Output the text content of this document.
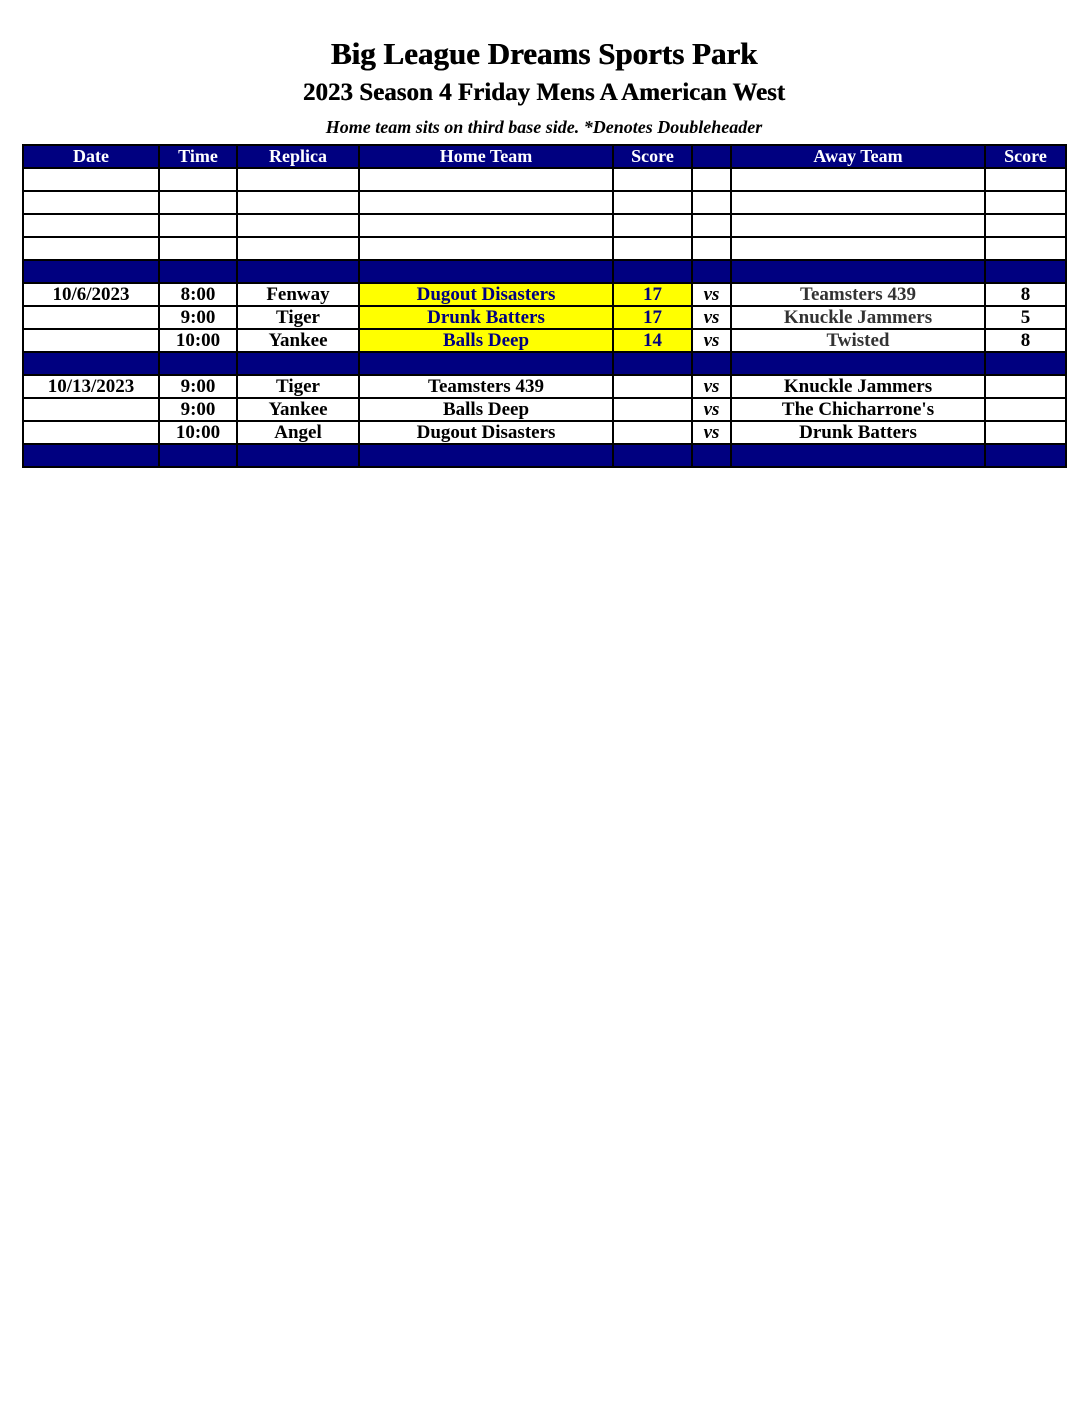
Big League Dreams Sports Park
2023 Season 4 Friday Mens A American West
Home team sits on third base side. *Denotes Doubleheader
Date	Time	Replica	Home Team	Score		Away Team	Score

10/6/2023	8:00	Fenway	Dugout Disasters	17	vs	Teamsters 439	8
	9:00	Tiger	Drunk Batters	17	vs	Knuckle Jammers	5
	10:00	Yankee	Balls Deep	14	vs	Twisted	8

10/13/2023	9:00	Tiger	Teamsters 439		vs	Knuckle Jammers	
	9:00	Yankee	Balls Deep		vs	The Chicharrone's	
	10:00	Angel	Dugout Disasters		vs	Drunk Batters	
